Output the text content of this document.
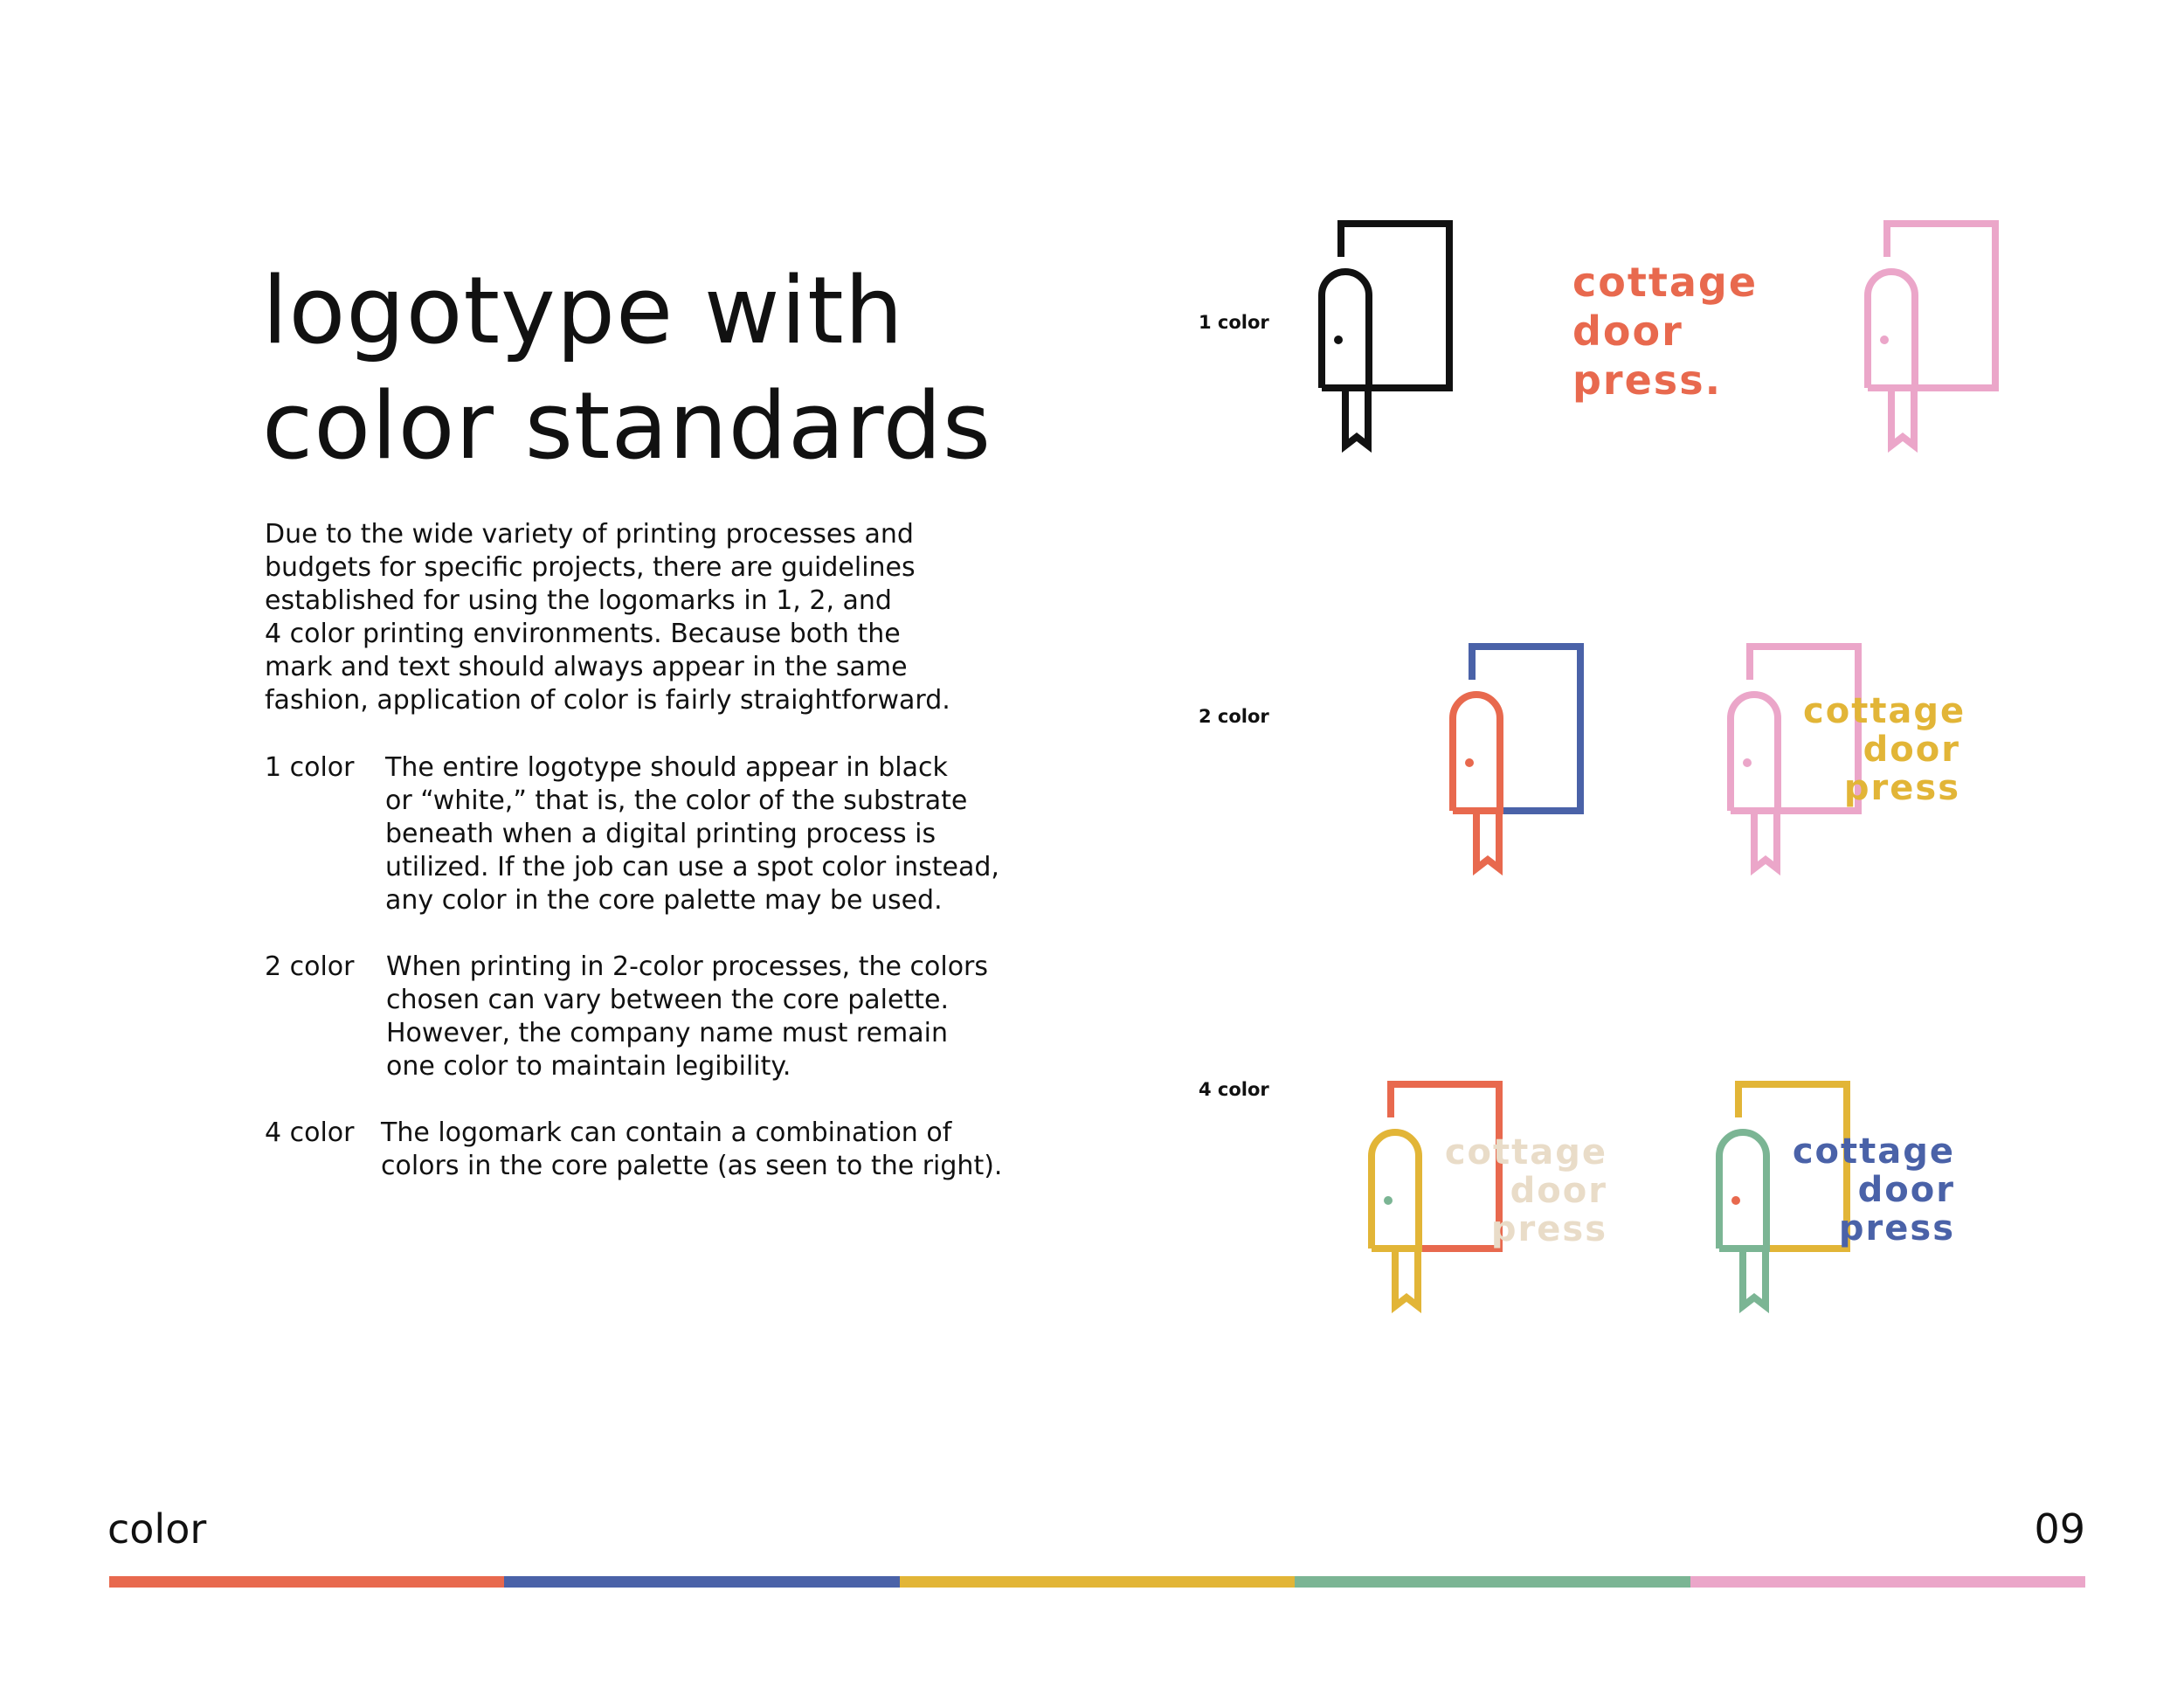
logotype with
color standards
Due to the wide variety of printing processes and
budgets for specific projects, there are guidelines
established for using the logomarks in 1, 2, and
4 color printing environments. Because both the
mark and text should always appear in the same
fashion, application of color is fairly straightforward.
1 color The entire logotype should appear in black
or “white,” that is, the color of the substrate
beneath when a digital printing process is
utilized. If the job can use a spot color instead,
any color in the core palette may be used.
2 color When printing in 2-color processes, the colors
chosen can vary between the core palette.
However, the company name must remain
one color to maintain legibility.
4 color The logomark can contain a combination of
colors in the core palette (as seen to the right).
1 color
2 color
4 color
cottage
door
press.
cottage
door
press
cottage
door
press
cottage
door
press
color	09
